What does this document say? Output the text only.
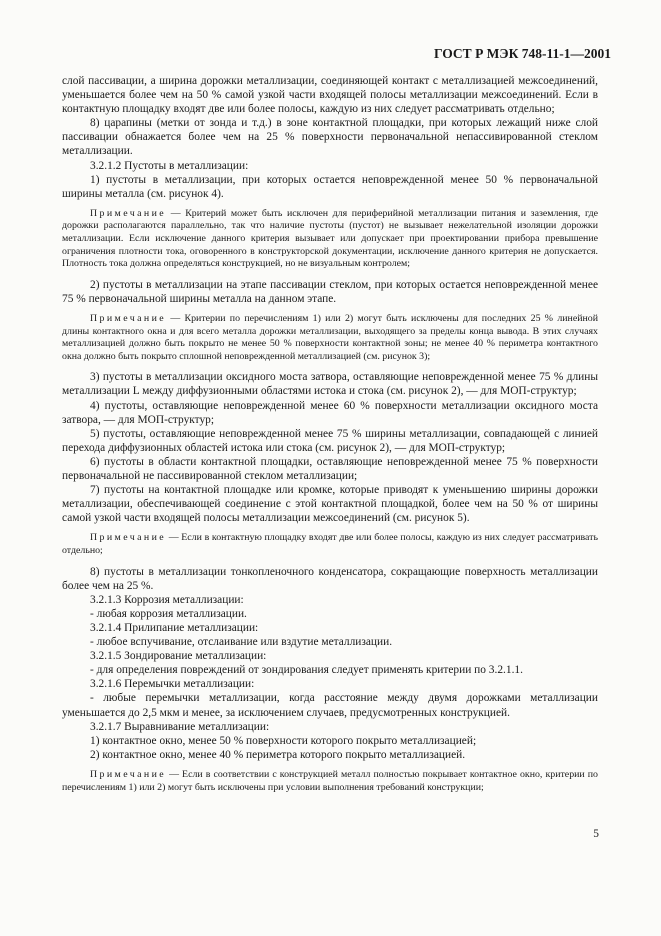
ГОСТ Р МЭК 748-11-1—2001

слой пассивации, а ширина дорожки металлизации, соединяющей контакт с металлизацией межсоединений, уменьшается более чем на 50 % самой узкой части входящей полосы металлизации межсоединений. Если в контактную площадку входят две или более полосы, каждую из них следует рассматривать отдельно;

8) царапины (метки от зонда и т.д.) в зоне контактной площадки, при которых лежащий ниже слой пассивации обнажается более чем на 25 % поверхности первоначальной непассивированной стеклом металлизации.

3.2.1.2 Пустоты в металлизации:

1) пустоты в металлизации, при которых остается неповрежденной менее 50 % первоначальной ширины металла (см. рисунок 4).

Примечание — Критерий может быть исключен для периферийной металлизации питания и заземления, где дорожки располагаются параллельно, так что наличие пустоты (пустот) не вызывает нежелательной изоляции дорожки металлизации. Если исключение данного критерия вызывает или допускает при проектировании прибора превышение ограничения плотности тока, оговоренного в конструкторской документации, исключение данного критерия не допускается. Плотность тока должна определяться конструкцией, но не визуальным контролем;

2) пустоты в металлизации на этапе пассивации стеклом, при которых остается неповрежденной менее 75 % первоначальной ширины металла на данном этапе.

Примечание — Критерии по перечислениям 1) или 2) могут быть исключены для последних 25 % линейной длины контактного окна и для всего металла дорожки металлизации, выходящего за пределы конца вывода. В этих случаях металлизацией должно быть покрыто не менее 50 % поверхности контактной зоны; не менее 40 % периметра контактного окна должно быть покрыто сплошной неповрежденной металлизацией (см. рисунок 3);

3) пустоты в металлизации оксидного моста затвора, оставляющие неповрежденной менее 75 % длины металлизации L между диффузионными областями истока и стока (см. рисунок 2), — для МОП-структур;

4) пустоты, оставляющие неповрежденной менее 60 % поверхности металлизации оксидного моста затвора, — для МОП-структур;

5) пустоты, оставляющие неповрежденной менее 75 % ширины металлизации, совпадающей с линией перехода диффузионных областей истока или стока (см. рисунок 2), — для МОП-структур;

6) пустоты в области контактной площадки, оставляющие неповрежденной менее 75 % поверхности первоначальной не пассивированной стеклом металлизации;

7) пустоты на контактной площадке или кромке, которые приводят к уменьшению ширины дорожки металлизации, обеспечивающей соединение с этой контактной площадкой, более чем на 50 % от ширины самой узкой части входящей полосы металлизации межсоединений (см. рисунок 5).

Примечание — Если в контактную площадку входят две или более полосы, каждую из них следует рассматривать отдельно;

8) пустоты в металлизации тонкопленочного конденсатора, сокращающие поверхность металлизации более чем на 25 %.

3.2.1.3 Коррозия металлизации:

- любая коррозия металлизации.

3.2.1.4 Прилипание металлизации:

- любое вспучивание, отслаивание или вздутие металлизации.

3.2.1.5 Зондирование металлизации:

- для определения повреждений от зондирования следует применять критерии по 3.2.1.1.

3.2.1.6 Перемычки металлизации:

- любые перемычки металлизации, когда расстояние между двумя дорожками металлизации уменьшается до 2,5 мкм и менее, за исключением случаев, предусмотренных конструкцией.

3.2.1.7 Выравнивание металлизации:

1) контактное окно, менее 50 % поверхности которого покрыто металлизацией;

2) контактное окно, менее 40 % периметра которого покрыто металлизацией.

Примечание — Если в соответствии с конструкцией металл полностью покрывает контактное окно, критерии по перечислениям 1) или 2) могут быть исключены при условии выполнения требований конструкции;

5
